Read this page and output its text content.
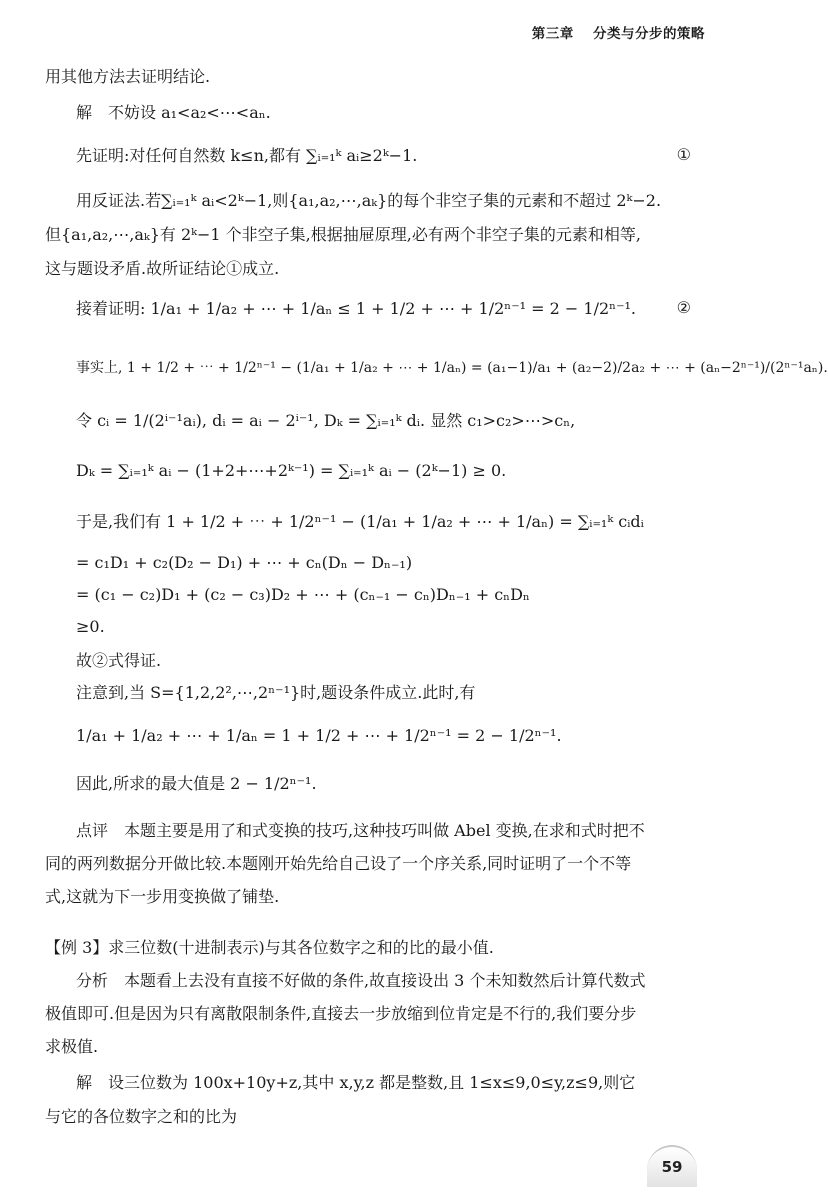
第三章 分类与分步的策略
用其他方法去证明结论.
解　不妨设 a₁<a₂<⋯<aₙ.
先证明:对任何自然数 k≤n,都有 ∑ᵢ₌₁ᵏ aᵢ≥2ᵏ−1.	①
用反证法.若∑ᵢ₌₁ᵏ aᵢ<2ᵏ−1,则{a₁,a₂,⋯,aₖ}的每个非空子集的元素和不超过 2ᵏ−2.
但{a₁,a₂,⋯,aₖ}有 2ᵏ−1 个非空子集,根据抽屉原理,必有两个非空子集的元素和相等,
这与题设矛盾.故所证结论①成立.
接着证明: 1/a₁ + 1/a₂ + ⋯ + 1/aₙ ≤ 1 + 1/2 + ⋯ + 1/2ⁿ⁻¹ = 2 − 1/2ⁿ⁻¹.	②
事实上, 1 + 1/2 + ⋯ + 1/2ⁿ⁻¹ − (1/a₁ + 1/a₂ + ⋯ + 1/aₙ) = (a₁−1)/a₁ + (a₂−2)/2a₂ + ⋯ + (aₙ−2ⁿ⁻¹)/(2ⁿ⁻¹aₙ).
令 cᵢ = 1/(2ⁱ⁻¹aᵢ), dᵢ = aᵢ − 2ⁱ⁻¹, Dₖ = ∑ᵢ₌₁ᵏ dᵢ. 显然 c₁>c₂>⋯>cₙ,
Dₖ = ∑ᵢ₌₁ᵏ aᵢ − (1+2+⋯+2ᵏ⁻¹) = ∑ᵢ₌₁ᵏ aᵢ − (2ᵏ−1) ≥ 0.
于是,我们有 1 + 1/2 + ⋯ + 1/2ⁿ⁻¹ − (1/a₁ + 1/a₂ + ⋯ + 1/aₙ) = ∑ᵢ₌₁ᵏ cᵢdᵢ
= c₁D₁ + c₂(D₂ − D₁) + ⋯ + cₙ(Dₙ − Dₙ₋₁)
= (c₁ − c₂)D₁ + (c₂ − c₃)D₂ + ⋯ + (cₙ₋₁ − cₙ)Dₙ₋₁ + cₙDₙ
≥0.
故②式得证.
注意到,当 S={1,2,2²,⋯,2ⁿ⁻¹}时,题设条件成立.此时,有
1/a₁ + 1/a₂ + ⋯ + 1/aₙ = 1 + 1/2 + ⋯ + 1/2ⁿ⁻¹ = 2 − 1/2ⁿ⁻¹.
因此,所求的最大值是 2 − 1/2ⁿ⁻¹.
点评　本题主要是用了和式变换的技巧,这种技巧叫做 Abel 变换,在求和式时把不
同的两列数据分开做比较.本题刚开始先给自己设了一个序关系,同时证明了一个不等
式,这就为下一步用变换做了铺垫.
【例 3】求三位数(十进制表示)与其各位数字之和的比的最小值.
分析　本题看上去没有直接不好做的条件,故直接设出 3 个未知数然后计算代数式
极值即可.但是因为只有离散限制条件,直接去一步放缩到位肯定是不行的,我们要分步
求极值.
解　设三位数为 100x+10y+z,其中 x,y,z 都是整数,且 1≤x≤9,0≤y,z≤9,则它
与它的各位数字之和的比为
59
